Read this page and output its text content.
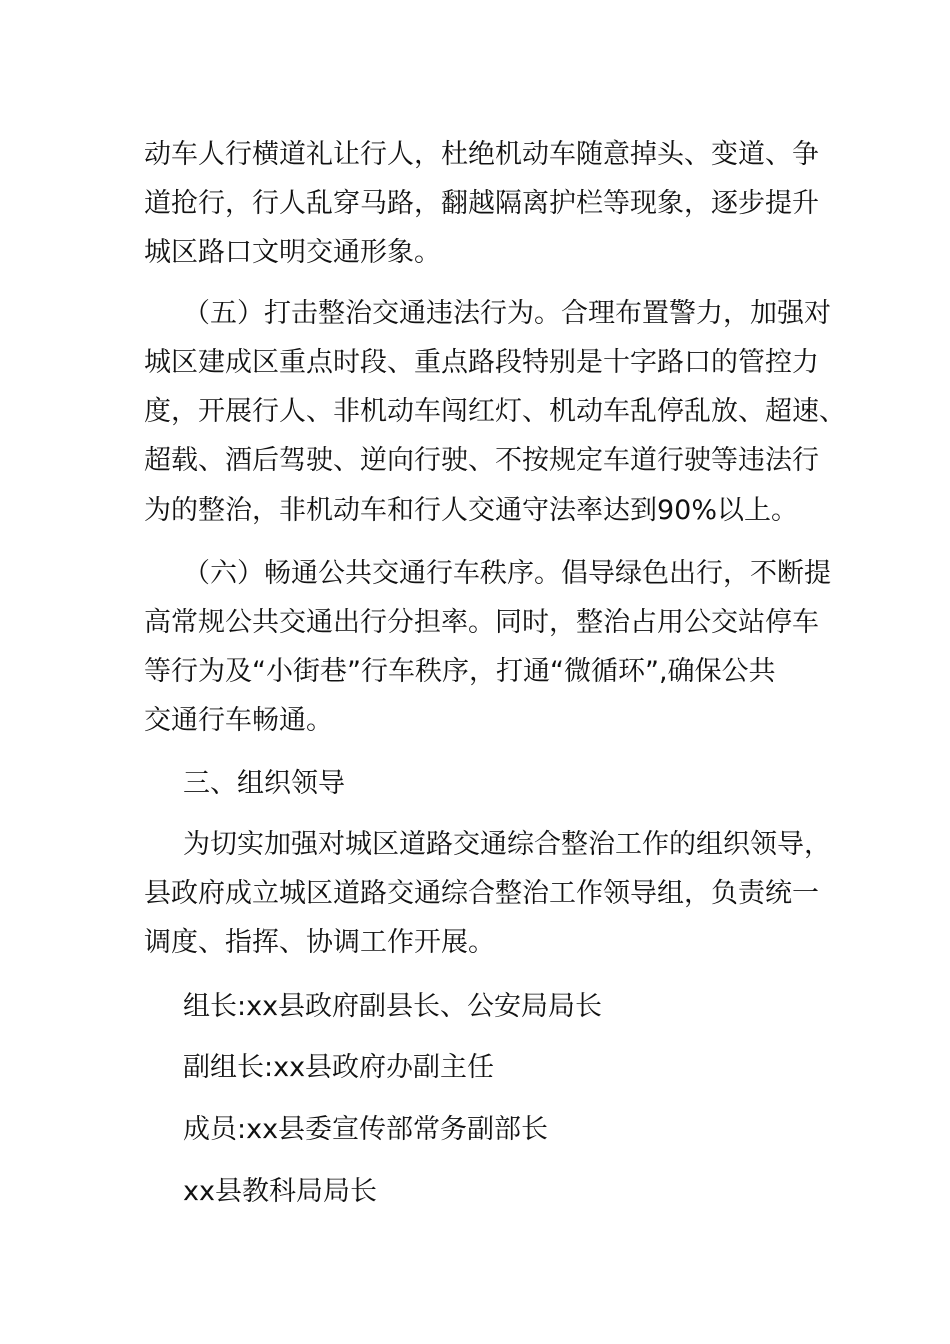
动车人行横道礼让行人，杜绝机动车随意掉头、变道、争
道抢行，行人乱穿马路，翻越隔离护栏等现象，逐步提升
城区路口文明交通形象。
（五）打击整治交通违法行为。合理布置警力，加强对
城区建成区重点时段、重点路段特别是十字路口的管控力
度，开展行人、非机动车闯红灯、机动车乱停乱放、超速、
超载、酒后驾驶、逆向行驶、不按规定车道行驶等违法行
为的整治，非机动车和行人交通守法率达到90%以上。
（六）畅通公共交通行车秩序。倡导绿色出行，不断提
高常规公共交通出行分担率。同时，整治占用公交站停车
等行为及“小街巷”行车秩序，打通“微循环”,确保公共
交通行车畅通。
三、组织领导
为切实加强对城区道路交通综合整治工作的组织领导，
县政府成立城区道路交通综合整治工作领导组，负责统一
调度、指挥、协调工作开展。
组长:xx县政府副县长、公安局局长
副组长:xx县政府办副主任
成员:xx县委宣传部常务副部长
xx县教科局局长
